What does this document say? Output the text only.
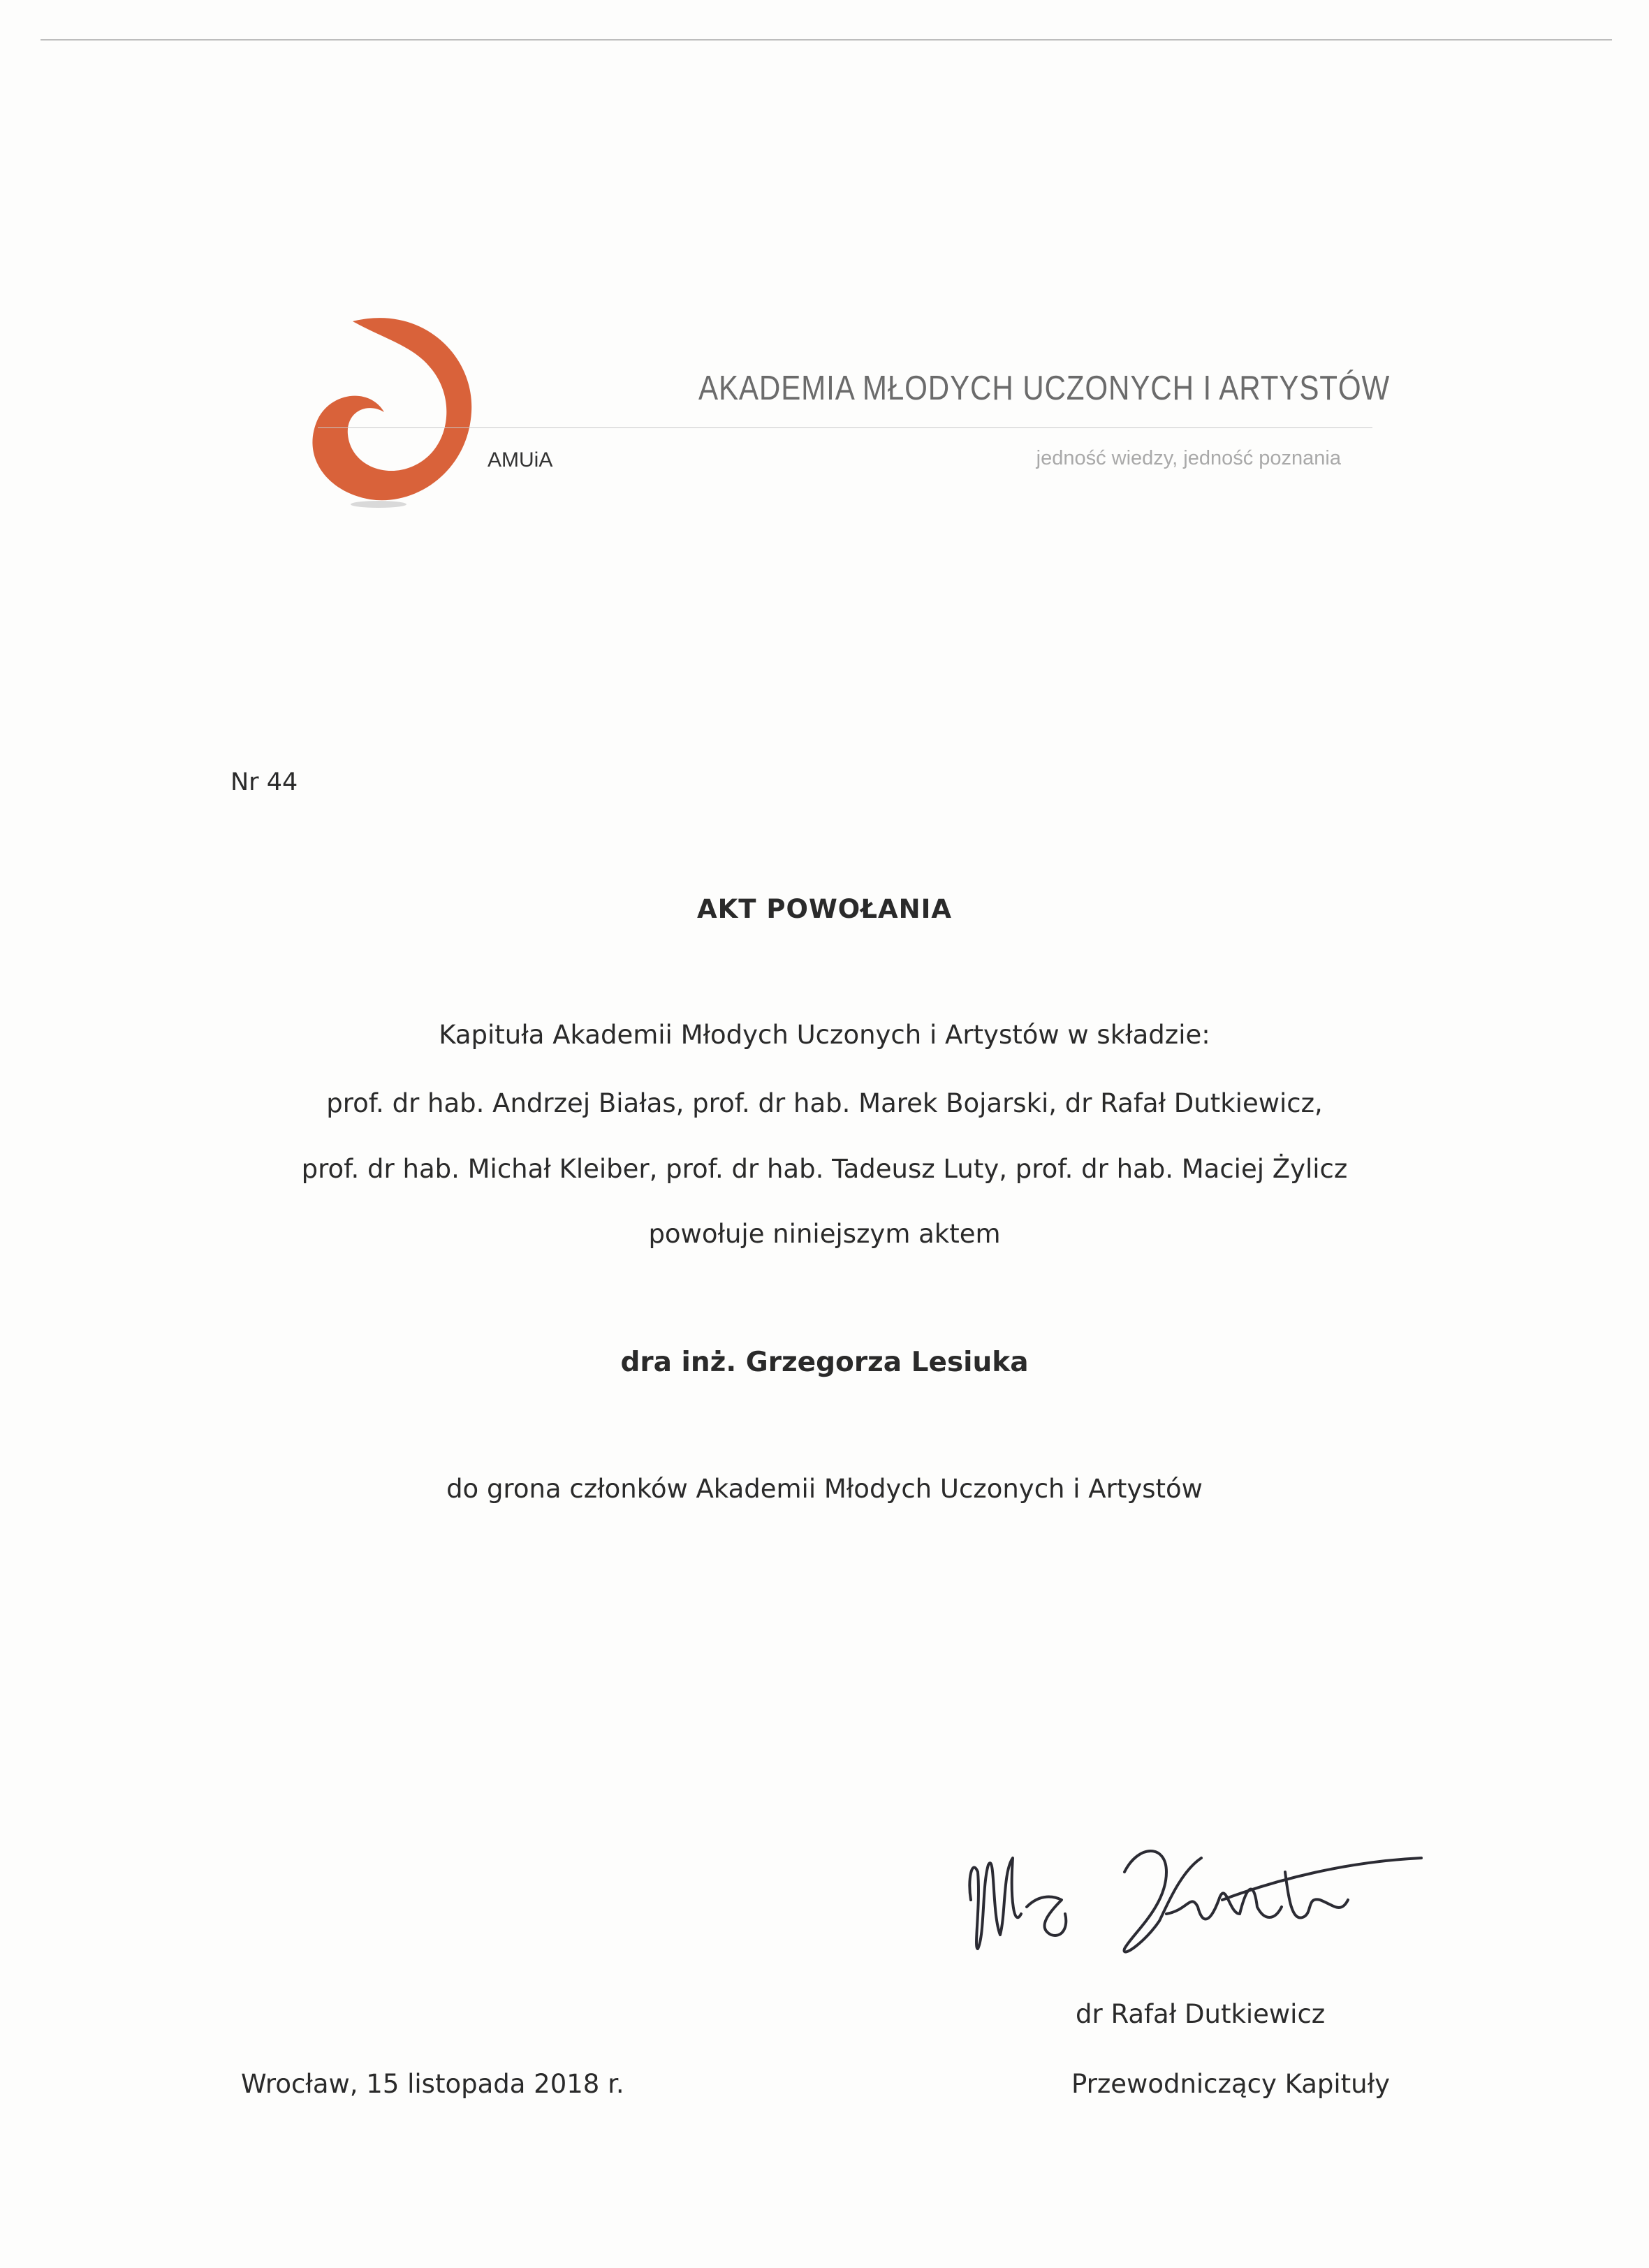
AKADEMIA MŁODYCH UCZONYCH I ARTYSTÓW
AMUiA	jedność wiedzy, jedność poznania
Nr 44
AKT POWOŁANIA
Kapituła Akademii Młodych Uczonych i Artystów w składzie:
prof. dr hab. Andrzej Białas, prof. dr hab. Marek Bojarski, dr Rafał Dutkiewicz,
prof. dr hab. Michał Kleiber, prof. dr hab. Tadeusz Luty, prof. dr hab. Maciej Żylicz
powołuje niniejszym aktem
dra inż. Grzegorza Lesiuka
do grona członków Akademii Młodych Uczonych i Artystów
dr Rafał Dutkiewicz
Przewodniczący Kapituły
Wrocław, 15 listopada 2018 r.
